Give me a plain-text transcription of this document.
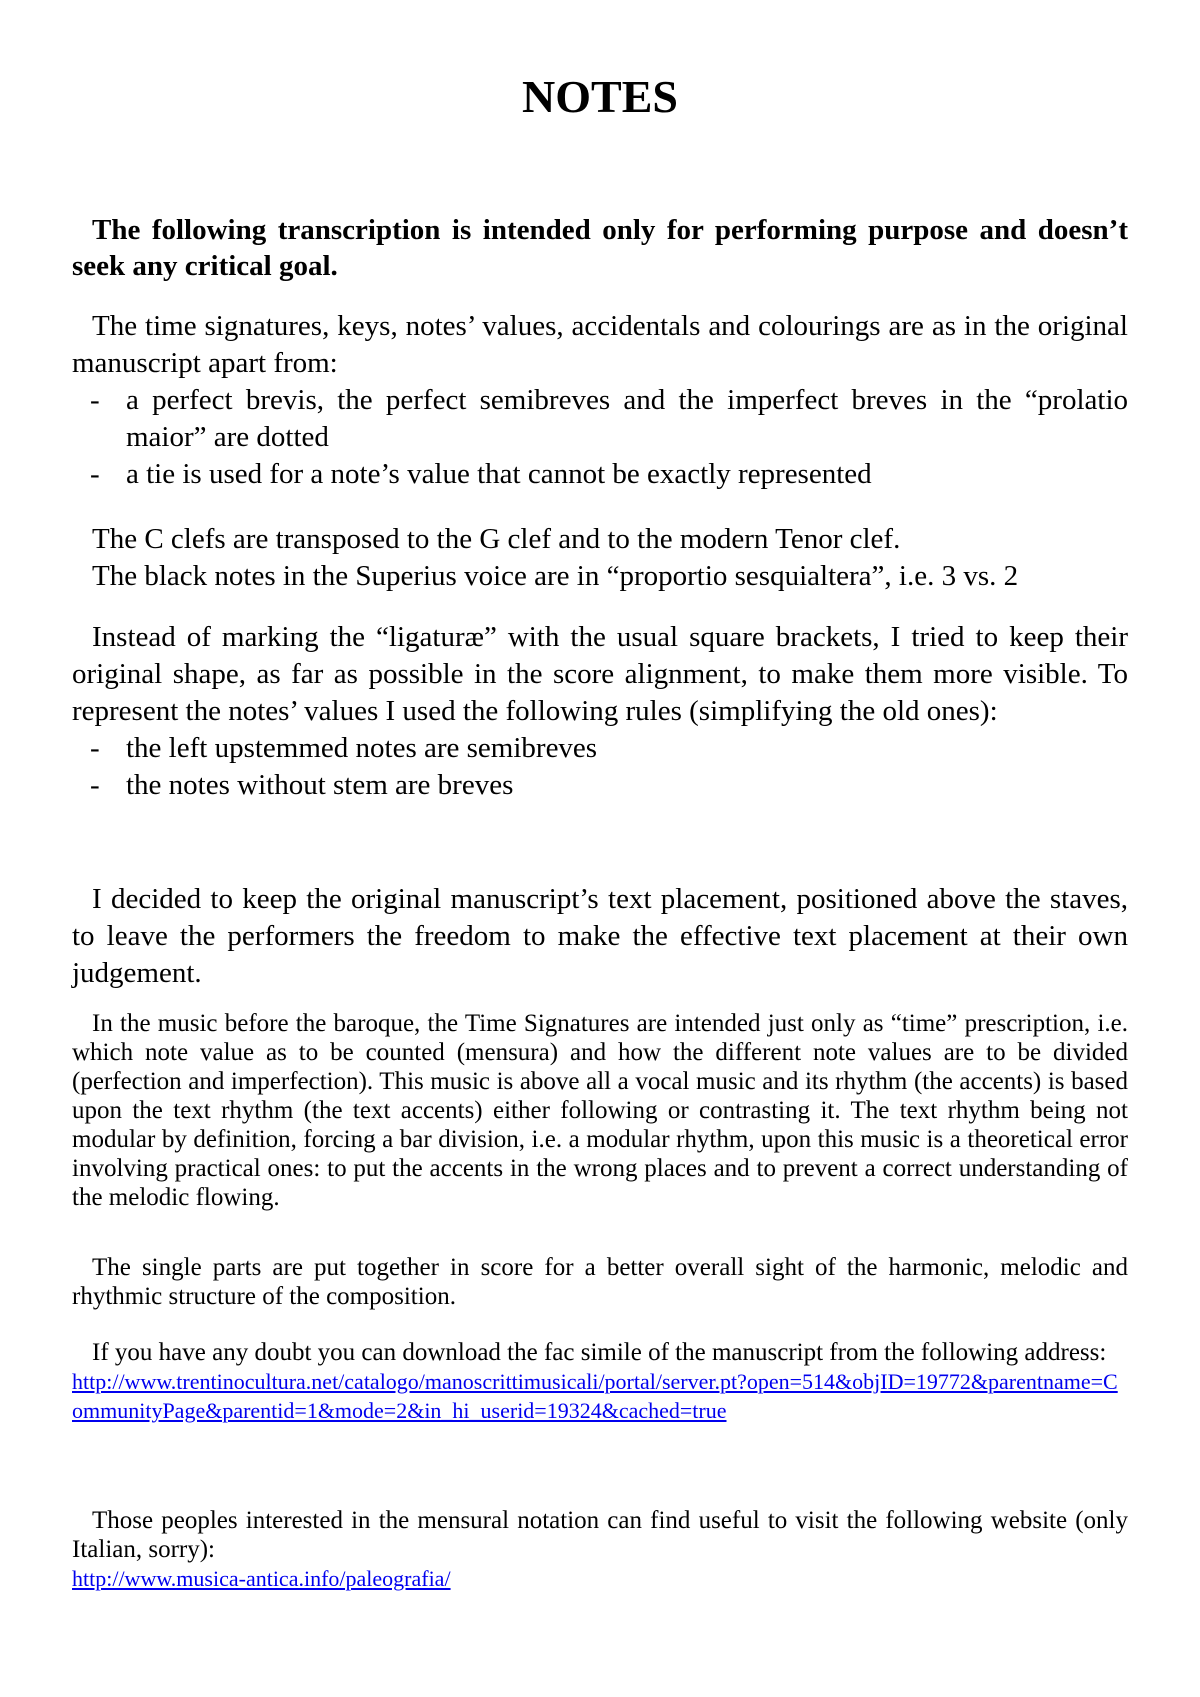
NOTES

The following transcription is intended only for performing purpose and doesn’t seek any critical goal.

The time signatures, keys, notes’ values, accidentals and colourings are as in the original manuscript apart from:

- a perfect brevis, the perfect semibreves and the imperfect breves in the “prolatio maior” are dotted
- a tie is used for a note’s value that cannot be exactly represented

The C clefs are transposed to the G clef and to the modern Tenor clef.

The black notes in the Superius voice are in “proportio sesquialtera”, i.e. 3 vs. 2

Instead of marking the “ligaturæ” with the usual square brackets, I tried to keep their original shape, as far as possible in the score alignment, to make them more visible. To represent the notes’ values I used the following rules (simplifying the old ones):

- the left upstemmed notes are semibreves
- the notes without stem are breves

I decided to keep the original manuscript’s text placement, positioned above the staves, to leave the performers the freedom to make the effective text placement at their own judgement.

In the music before the baroque, the Time Signatures are intended just only as “time” prescription, i.e. which note value as to be counted (mensura) and how the different note values are to be divided (perfection and imperfection). This music is above all a vocal music and its rhythm (the accents) is based upon the text rhythm (the text accents) either following or contrasting it. The text rhythm being not modular by definition, forcing a bar division, i.e. a modular rhythm, upon this music is a theoretical error involving practical ones: to put the accents in the wrong places and to prevent a correct understanding of the melodic flowing.

The single parts are put together in score for a better overall sight of the harmonic, melodic and rhythmic structure of the composition.

If you have any doubt you can download the fac simile of the manuscript from the following address:

http://www.trentinocultura.net/catalogo/manoscrittimusicali/portal/server.pt?open=514&objID=19772&parentname=CommunityPage&parentid=1&mode=2&in_hi_userid=19324&cached=true

Those peoples interested in the mensural notation can find useful to visit the following website (only Italian, sorry):

http://www.musica-antica.info/paleografia/
